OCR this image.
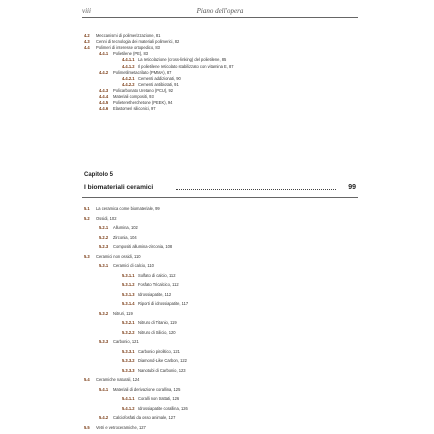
viii	Piano dell'opera
4.2 Meccanismi di polimerizzazione, 81
4.3 Cenni di tecnologia dei materiali polimerici, 82
4.4 Polimeri di interesse ortopedico, 83
4.4.1 Polietilene (PE), 83
4.4.1.1 La reticolazione (cross-linking) del polietilene, 85
4.4.1.2 Il polietilene reticolato stabilizzato con vitamina E, 87
4.4.2 Polimetilmetacrilato (PMMA), 87
4.4.2.1 Cementi addizionati, 90
4.4.2.2 Cementi antibiotati, 91
4.4.3 Policarbonato Uretano (PCU), 92
4.4.4 Materiali compositi, 93
4.4.5 Polieteretherchetone (PEEK), 94
4.4.6 Elastomeri siliconici, 97
Capitolo 5
I biomateriali ceramici	99
5.1 La ceramica come biomateriale, 99
5.2 Ossidi, 102
5.2.1 Allumina, 102
5.2.2 Zirconia, 104
5.2.3 Compositi allumina-zirconia, 108
5.3 Ceramici non ossidi, 110
5.3.1 Ceramici di calcio, 110
5.3.1.1 Solfato di calcio, 112
5.3.1.2 Fosfato Tricalcico, 112
5.3.1.3 Idrossiapatite, 112
5.3.1.4 Riporti di idrossiapatite, 117
5.3.2 Nitruri, 119
5.3.2.1 Nitruro di Titanio, 119
5.3.2.2 Nitruro di Silicio, 120
5.3.3 Carbonio, 121
5.3.3.1 Carbonio pirolitico, 121
5.3.3.2 Diamond-Like Carbon, 122
5.3.3.3 Nanotubi di Carbonio, 123
5.4 Ceramiche naturali, 124
5.4.1 Materiali di derivazione corallina, 125
5.4.1.1 Coralli non trattati, 126
5.4.1.2 Idrossiapatite corallina, 126
5.4.2 Calciofosfati da osso animale, 127
5.5 Vetri e vetroceramiche, 127
